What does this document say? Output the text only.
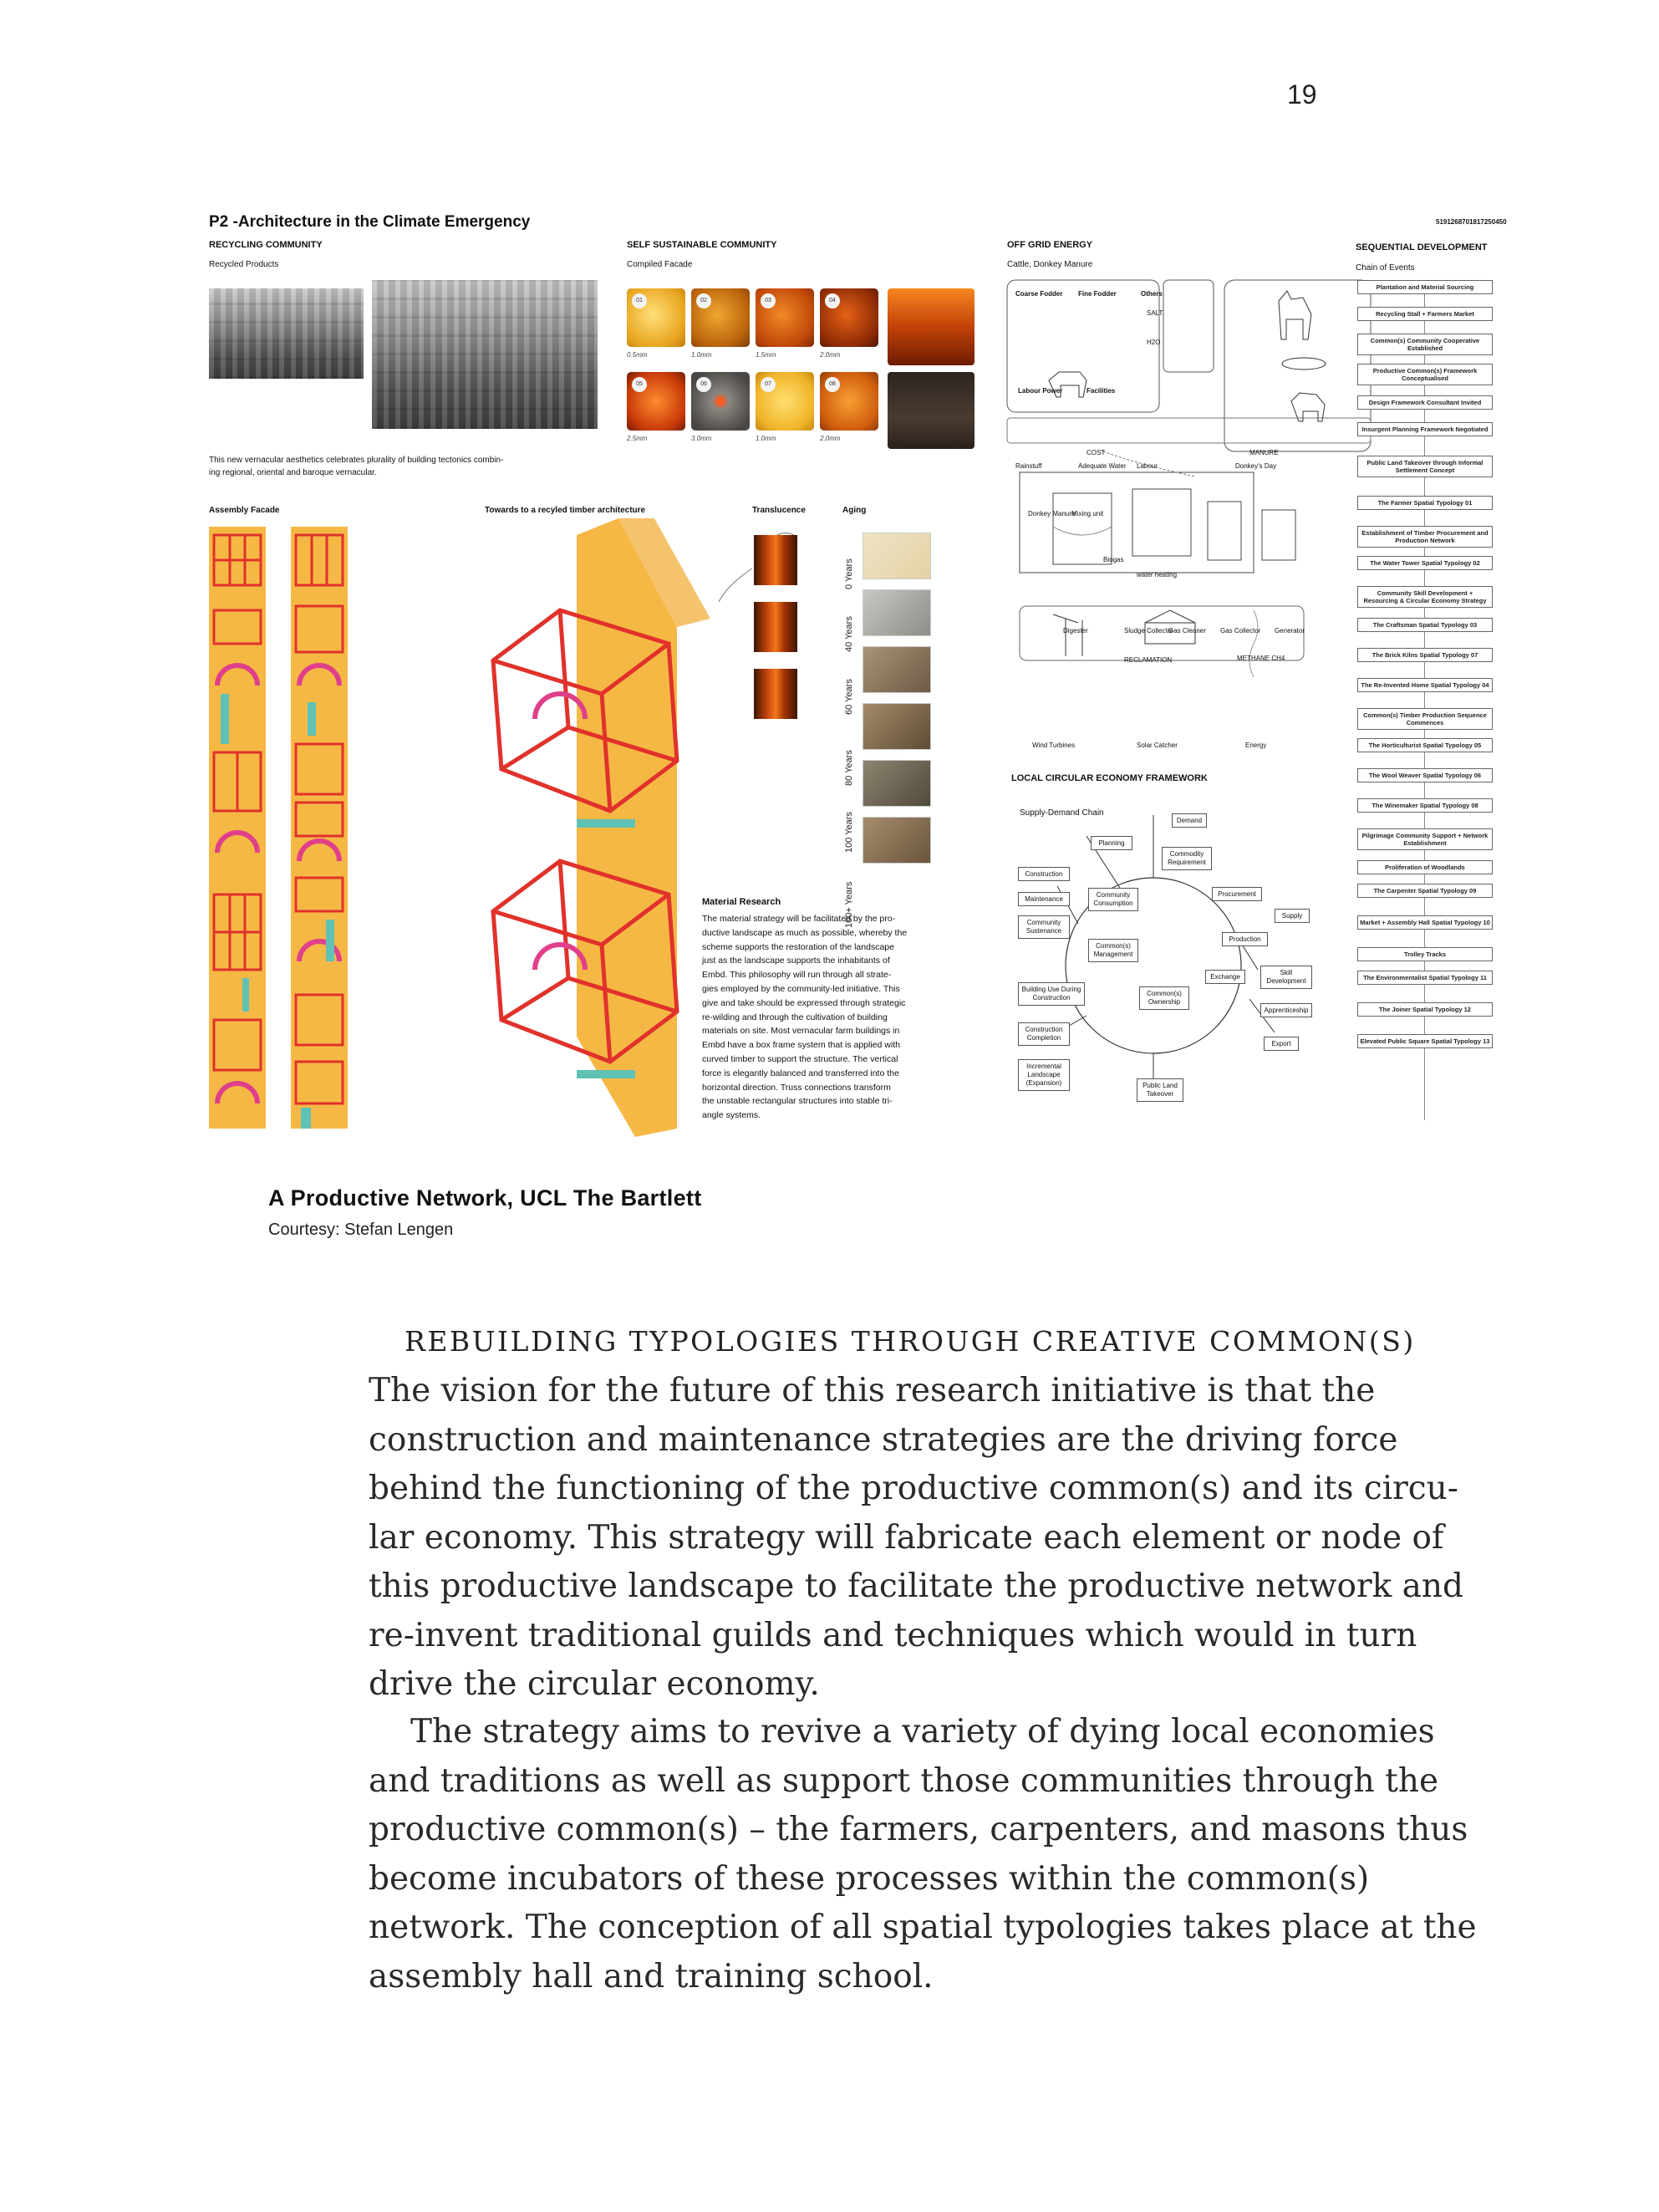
19
P2 -Architecture in the Climate Emergency	5191268701817250450
RECYCLING COMMUNITY
Recycled Products
This new vernacular aesthetics celebrates plurality of building tectonics combin-
ing regional, oriental and baroque vernacular.
SELF SUSTAINABLE COMMUNITY
Compiled Facade
01	02	03	04
0.5mm	1.0mm	1.5mm	2.0mm
05	06	07	08
2.5mm	3.0mm	1.0mm	2.0mm
OFF GRID ENERGY
Cattle, Donkey Manure
Coarse Fodder Fine Fodder	Others
SALT
H2O
Labour Power	Facilities
COST	MANURE
Rainstuff	Adequate Water Labour	Donkey's Day
Donkey Manure
Mixing unit
Biogas
water heating
Digester	Sludge Collector
Gas Cleaner Gas Collector Generator
RECLAMATION	METHANE CH4
Wind Turbines	Solar Catcher	Energy
LOCAL CIRCULAR ECONOMY FRAMEWORK
Supply-Demand Chain
Demand
Planning
Commodity Requirement
Construction
Maintenance	Community Consumption
Procurement
Community Sustenance
Supply
Production
Common(s) Management
Exchange	Skill Development
Building Use During Construction
Common(s) Ownership
Apprenticeship
Construction Completion
Export
Incremental Landscape (Expansion)	Public Land Takeover
SEQUENTIAL DEVELOPMENT
Chain of Events
Plantation and Material Sourcing
Recycling Stall + Farmers Market
Common(s) Community Cooperative Established
Productive Common(s) Framework Conceptualised
Design Framework Consultant Invited
Insurgent Planning Framework Negotiated
Public Land Takeover through Informal Settlement Concept
The Farmer Spatial Typology 01
Establishment of Timber Procurement and Production Network
The Water Tower Spatial Typology 02
Community Skill Development + Resourcing & Circular Economy Strategy
The Craftsman Spatial Typology 03
The Brick Kilns Spatial Typology 07
The Re-Invented Home Spatial Typology 04
Common(s) Timber Production Sequence Commences
The Horticulturist Spatial Typology 05
The Wool Weaver Spatial Typology 06
The Winemaker Spatial Typology 08
Pilgrimage Community Support + Network Establishment
Proliferation of Woodlands
The Carpenter Spatial Typology 09
Market + Assembly Hall Spatial Typology 10
Trolley Tracks
The Environmentalist Spatial Typology 11
The Joiner Spatial Typology 12
Elevated Public Square Spatial Typology 13
Assembly Facade	Towards to a recyled timber architecture	Translucence	Aging
0 Years
40 Years
60 Years
80 Years
100 Years
100+ Years
Material Research
The material strategy will be facilitated by the pro-
ductive landscape as much as possible, whereby the
scheme supports the restoration of the landscape
just as the landscape supports the inhabitants of
Embd. This philosophy will run through all strate-
gies employed by the community-led initiative. This
give and take should be expressed through strategic
re-wilding and through the cultivation of building
materials on site. Most vernacular farm buildings in
Embd have a box frame system that is applied with
curved timber to support the structure. The vertical
force is elegantly balanced and transferred into the
horizontal direction. Truss connections transform
the unstable rectangular structures into stable tri-
angle systems.
A Productive Network, UCL The Bartlett
Courtesy: Stefan Lengen
REBUILDING TYPOLOGIES THROUGH CREATIVE COMMON(S)
The vision for the future of this research initiative is that the
construction and maintenance strategies are the driving force
behind the functioning of the productive common(s) and its circu-
lar economy. This strategy will fabricate each element or node of
this productive landscape to facilitate the productive network and
re-invent traditional guilds and techniques which would in turn
drive the circular economy.
The strategy aims to revive a variety of dying local economies
and traditions as well as support those communities through the
productive common(s) – the farmers, carpenters, and masons thus
become incubators of these processes within the common(s)
network. The conception of all spatial typologies takes place at the
assembly hall and training school.
